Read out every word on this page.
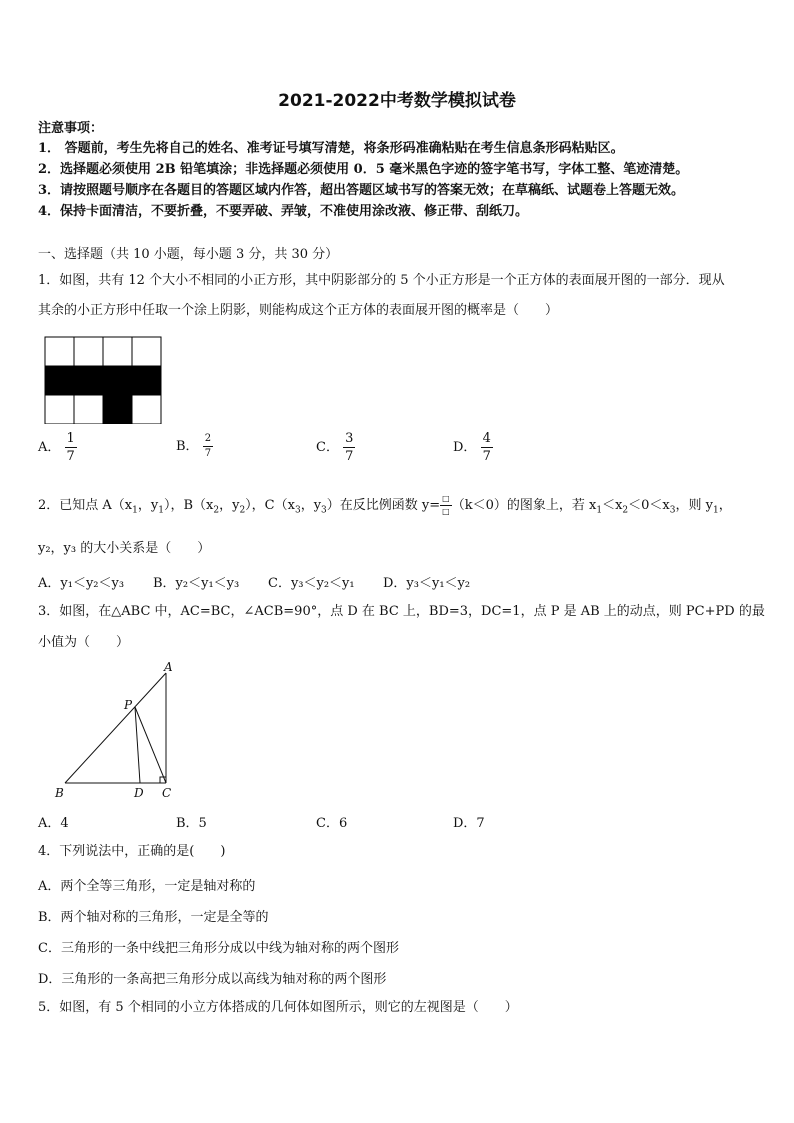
2021-2022中考数学模拟试卷
注意事项：
1． 答题前，考生先将自己的姓名、准考证号填写清楚，将条形码准确粘贴在考生信息条形码粘贴区。
2．选择题必须使用 2B 铅笔填涂；非选择题必须使用 0．5 毫米黑色字迹的签字笔书写，字体工整、笔迹清楚。
3．请按照题号顺序在各题目的答题区域内作答，超出答题区域书写的答案无效；在草稿纸、试题卷上答题无效。
4．保持卡面清洁，不要折叠，不要弄破、弄皱，不准使用涂改液、修正带、刮纸刀。
一、选择题（共 10 小题，每小题 3 分，共 30 分）
1．如图，共有 12 个大小不相同的小正方形，其中阴影部分的 5 个小正方形是一个正方体的表面展开图的一部分．现从
其余的小正方形中任取一个涂上阴影，则能构成这个正方体的表面展开图的概率是（　　）
A． $\frac{1}{7}$	B． $\frac{2}{7}$	C． $\frac{3}{7}$	D． $\frac{4}{7}$
2．已知点 $A(x_1$，$y_1$），$B(x_2$，$y_2$），$C(x_3$，$y_3$）在反比例函数 $y= \frac{□}{□} (k<0)$的图象上，若 $x_1<x_2<0<x_3$，则 $y_1$，
y₂，y₃ 的大小关系是（　　）
A．y₁＜y₂＜y₃ B．y₂＜y₁＜y₃ C．y₃＜y₂＜y₁ D．y₃＜y₁＜y₂
3．如图，在△ABC 中，AC=BC，∠ACB=90°，点 D 在 BC 上，BD=3，DC=1，点 P 是 AB 上的动点，则 PC+PD 的最
小值为（　　）
A
P
B	D C
A．4	B．5	C．6	D．7
4．下列说法中，正确的是(　　)
A．两个全等三角形，一定是轴对称的
B．两个轴对称的三角形，一定是全等的
C．三角形的一条中线把三角形分成以中线为轴对称的两个图形
D．三角形的一条高把三角形分成以高线为轴对称的两个图形
5．如图，有 5 个相同的小立方体搭成的几何体如图所示，则它的左视图是（　　）
